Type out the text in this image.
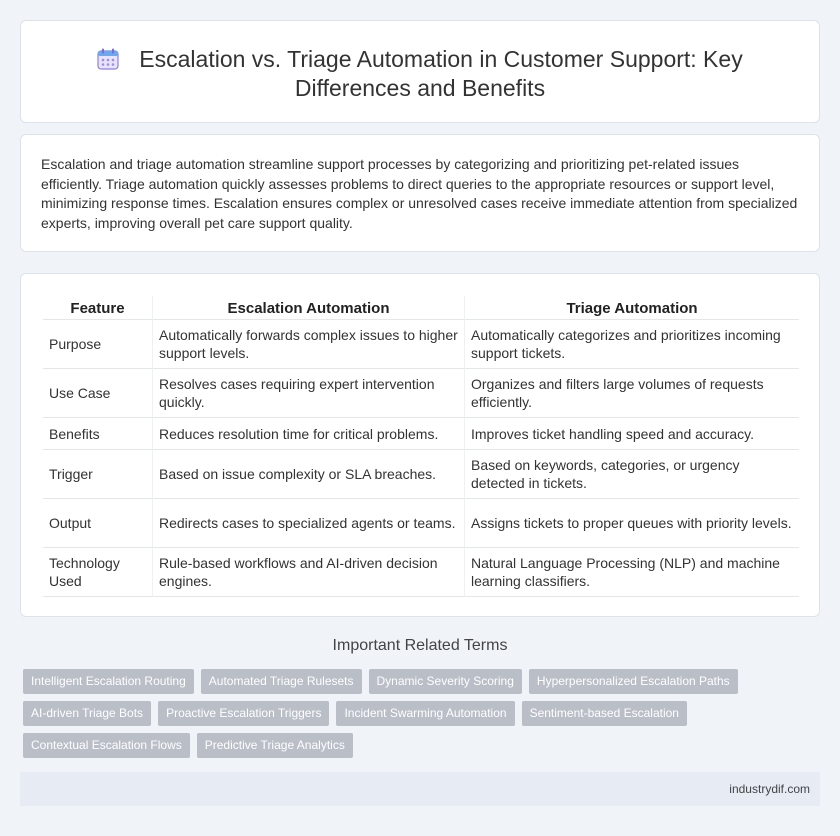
Escalation vs. Triage Automation in Customer Support: Key Differences and Benefits

Escalation and triage automation streamline support processes by categorizing and prioritizing pet-related issues efficiently. Triage automation quickly assesses problems to direct queries to the appropriate resources or support level, minimizing response times. Escalation ensures complex or unresolved cases receive immediate attention from specialized experts, improving overall pet care support quality.

Feature	Escalation Automation	Triage Automation
Purpose	Automatically forwards complex issues to higher support levels.	Automatically categorizes and prioritizes incoming support tickets.
Use Case	Resolves cases requiring expert intervention quickly.	Organizes and filters large volumes of requests efficiently.
Benefits	Reduces resolution time for critical problems.	Improves ticket handling speed and accuracy.
Trigger	Based on issue complexity or SLA breaches.	Based on keywords, categories, or urgency detected in tickets.
Output	Redirects cases to specialized agents or teams.	Assigns tickets to proper queues with priority levels.
Technology Used	Rule-based workflows and AI-driven decision engines.	Natural Language Processing (NLP) and machine learning classifiers.
Important Related Terms
Intelligent Escalation Routing	Automated Triage Rulesets	Dynamic Severity Scoring	Hyperpersonalized Escalation Paths
AI-driven Triage Bots	Proactive Escalation Triggers	Incident Swarming Automation	Sentiment-based Escalation
Contextual Escalation Flows	Predictive Triage Analytics
industrydif.com
